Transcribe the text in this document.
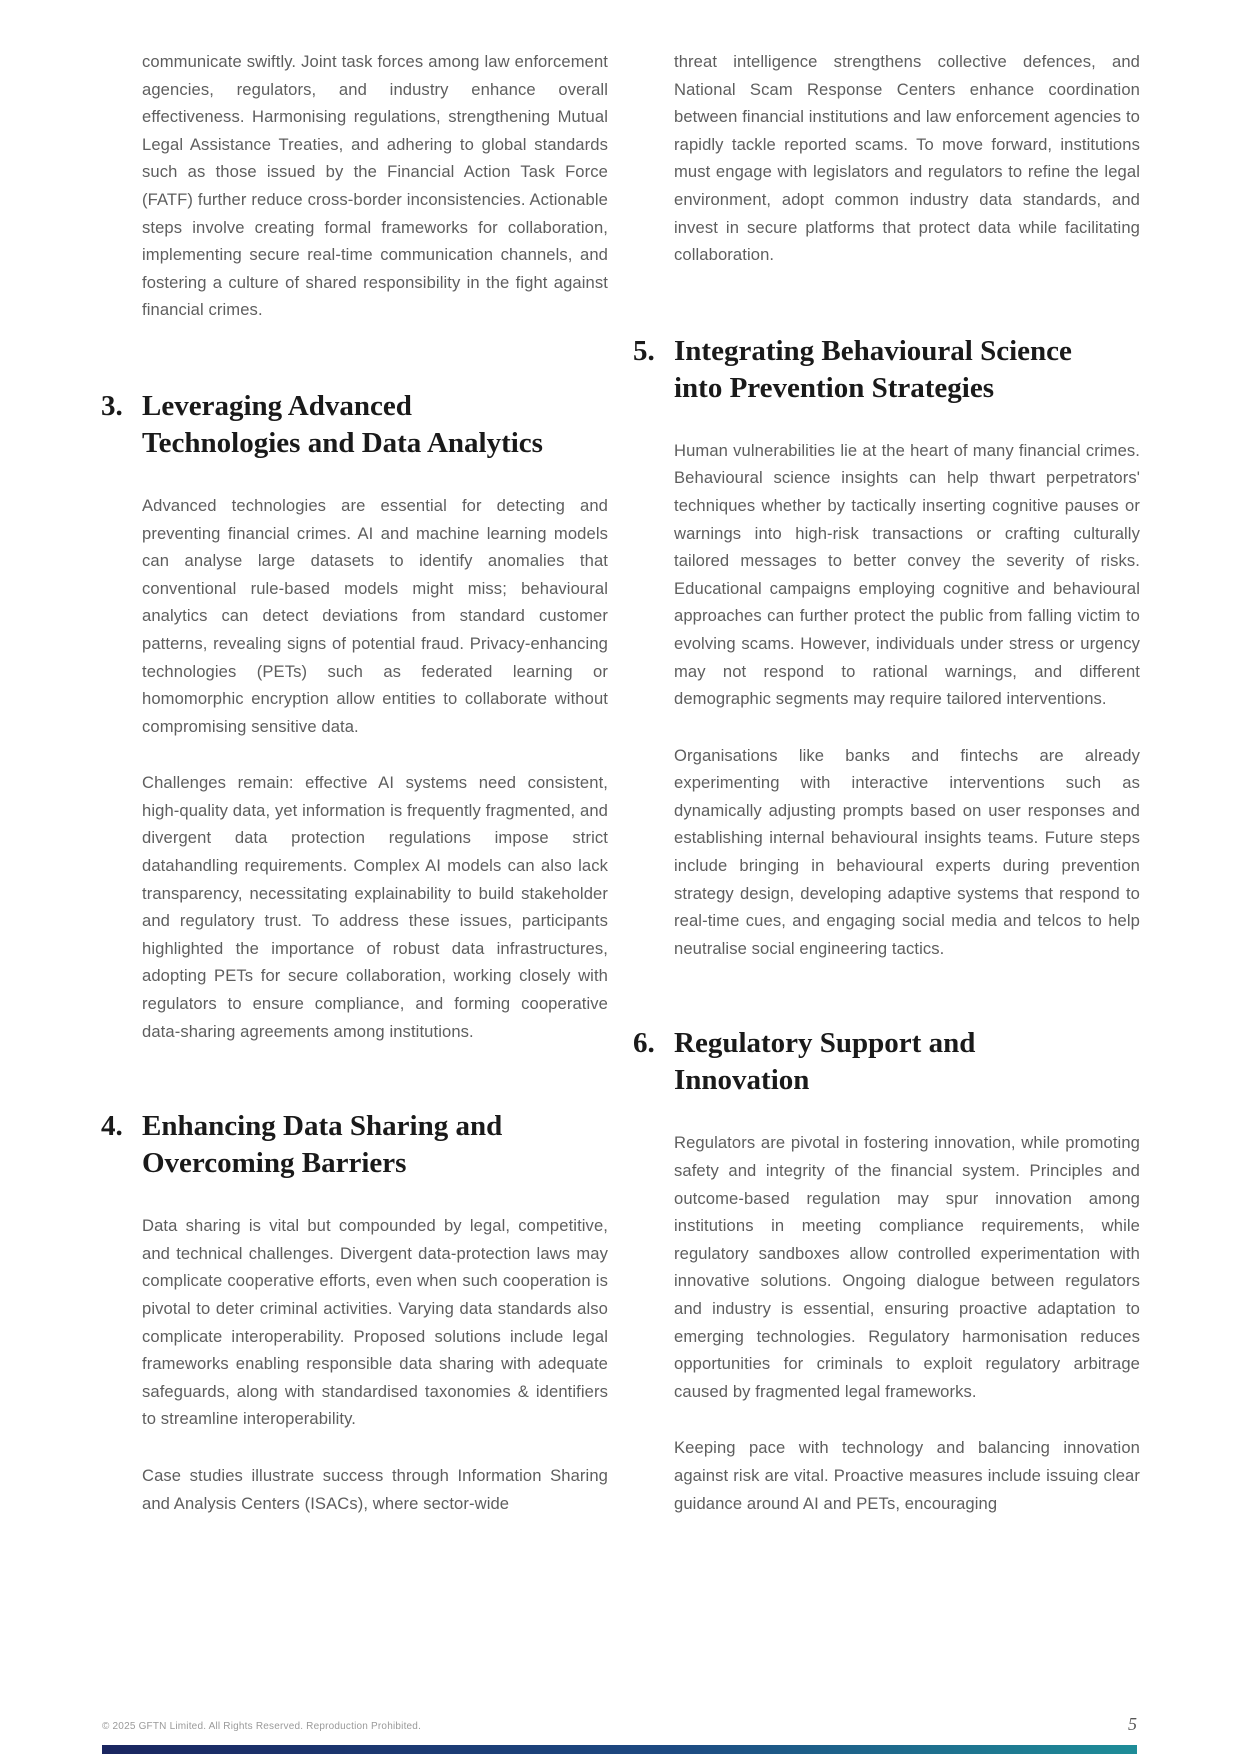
communicate swiftly. Joint task forces among law enforcement agencies, regulators, and industry enhance overall effectiveness. Harmonising regulations, strengthening Mutual Legal Assistance Treaties, and adhering to global standards such as those issued by the Financial Action Task Force (FATF) further reduce cross-border inconsistencies. Actionable steps involve creating formal frameworks for collaboration, implementing secure real-time communication channels, and fostering a culture of shared responsibility in the fight against financial crimes.

3. Leveraging Advanced
Technologies and Data Analytics

Advanced technologies are essential for detecting and preventing financial crimes. AI and machine learning models can analyse large datasets to identify anomalies that conventional rule-based models might miss; behavioural analytics can detect deviations from standard customer patterns, revealing signs of potential fraud. Privacy-enhancing technologies (PETs) such as federated learning or homomorphic encryption allow entities to collaborate without compromising sensitive data.

Challenges remain: effective AI systems need consistent, high-quality data, yet information is frequently fragmented, and divergent data protection regulations impose strict datahandling requirements. Complex AI models can also lack transparency, necessitating explainability to build stakeholder and regulatory trust. To address these issues, participants highlighted the importance of robust data infrastructures, adopting PETs for secure collaboration, working closely with regulators to ensure compliance, and forming cooperative data-sharing agreements among institutions.

4. Enhancing Data Sharing and
Overcoming Barriers

Data sharing is vital but compounded by legal, competitive, and technical challenges. Divergent data-protection laws may complicate cooperative efforts, even when such cooperation is pivotal to deter criminal activities. Varying data standards also complicate interoperability. Proposed solutions include legal frameworks enabling responsible data sharing with adequate safeguards, along with standardised taxonomies & identifiers to streamline interoperability.

Case studies illustrate success through Information Sharing and Analysis Centers (ISACs), where sector-wide

threat intelligence strengthens collective defences, and National Scam Response Centers enhance coordination between financial institutions and law enforcement agencies to rapidly tackle reported scams. To move forward, institutions must engage with legislators and regulators to refine the legal environment, adopt common industry data standards, and invest in secure platforms that protect data while facilitating collaboration.

5. Integrating Behavioural Science
into Prevention Strategies

Human vulnerabilities lie at the heart of many financial crimes. Behavioural science insights can help thwart perpetrators' techniques whether by tactically inserting cognitive pauses or warnings into high-risk transactions or crafting culturally tailored messages to better convey the severity of risks. Educational campaigns employing cognitive and behavioural approaches can further protect the public from falling victim to evolving scams. However, individuals under stress or urgency may not respond to rational warnings, and different demographic segments may require tailored interventions.

Organisations like banks and fintechs are already experimenting with interactive interventions such as dynamically adjusting prompts based on user responses and establishing internal behavioural insights teams. Future steps include bringing in behavioural experts during prevention strategy design, developing adaptive systems that respond to real-time cues, and engaging social media and telcos to help neutralise social engineering tactics.

6. Regulatory Support and
Innovation

Regulators are pivotal in fostering innovation, while promoting safety and integrity of the financial system. Principles and outcome-based regulation may spur innovation among institutions in meeting compliance requirements, while regulatory sandboxes allow controlled experimentation with innovative solutions. Ongoing dialogue between regulators and industry is essential, ensuring proactive adaptation to emerging technologies. Regulatory harmonisation reduces opportunities for criminals to exploit regulatory arbitrage caused by fragmented legal frameworks.

Keeping pace with technology and balancing innovation against risk are vital. Proactive measures include issuing clear guidance around AI and PETs, encouraging

© 2025 GFTN Limited. All Rights Reserved. Reproduction Prohibited.	5
